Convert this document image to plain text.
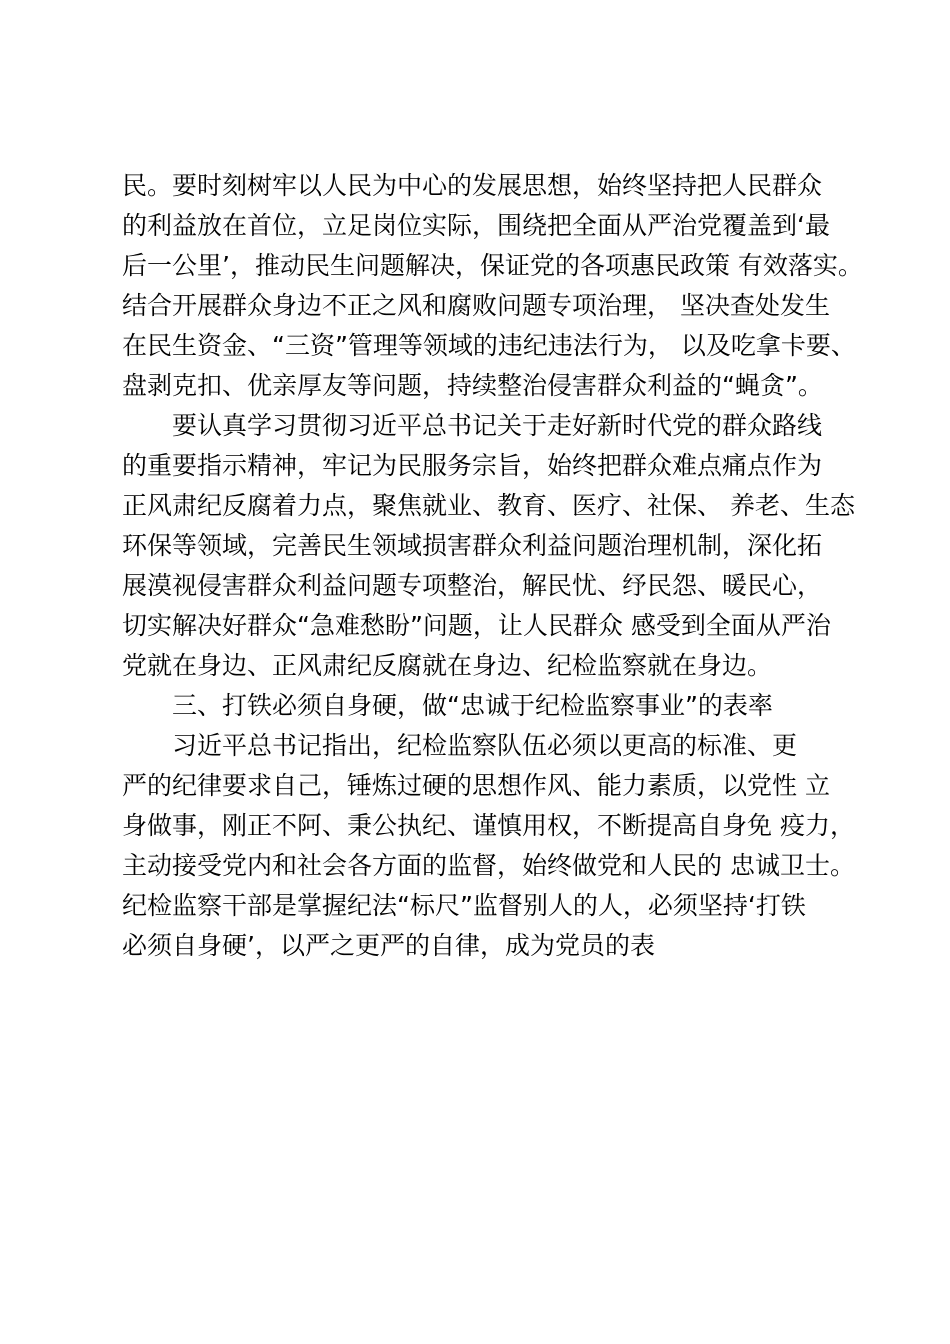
民。要时刻树牢以人民为中心的发展思想，始终坚持把人民群众
的利益放在首位，立足岗位实际，围绕把全面从严治党覆盖到‘最
后一公里’，推动民生问题解决，保证党的各项惠民政策 有效落实。
结合开展群众身边不正之风和腐败问题专项治理， 坚决查处发生
在民生资金、“三资”管理等领域的违纪违法行为， 以及吃拿卡要、
盘剥克扣、优亲厚友等问题，持续整治侵害群众利益的“蝇贪”。
　　要认真学习贯彻习近平总书记关于走好新时代党的群众路线
的重要指示精神，牢记为民服务宗旨，始终把群众难点痛点作为
正风肃纪反腐着力点，聚焦就业、教育、医疗、社保、 养老、生态
环保等领域，完善民生领域损害群众利益问题治理机制，深化拓
展漠视侵害群众利益问题专项整治，解民忧、纾民怨、暖民心，
切实解决好群众“急难愁盼”问题，让人民群众 感受到全面从严治
党就在身边、正风肃纪反腐就在身边、纪检监察就在身边。
　　三、打铁必须自身硬，做“忠诚于纪检监察事业”的表率
　　习近平总书记指出，纪检监察队伍必须以更高的标准、更
严的纪律要求自己，锤炼过硬的思想作风、能力素质，以党性 立
身做事，刚正不阿、秉公执纪、谨慎用权，不断提高自身免 疫力，
主动接受党内和社会各方面的监督，始终做党和人民的 忠诚卫士。
纪检监察干部是掌握纪法“标尺”监督别人的人，必须坚持‘打铁
必须自身硬’，以严之更严的自律，成为党员的表
